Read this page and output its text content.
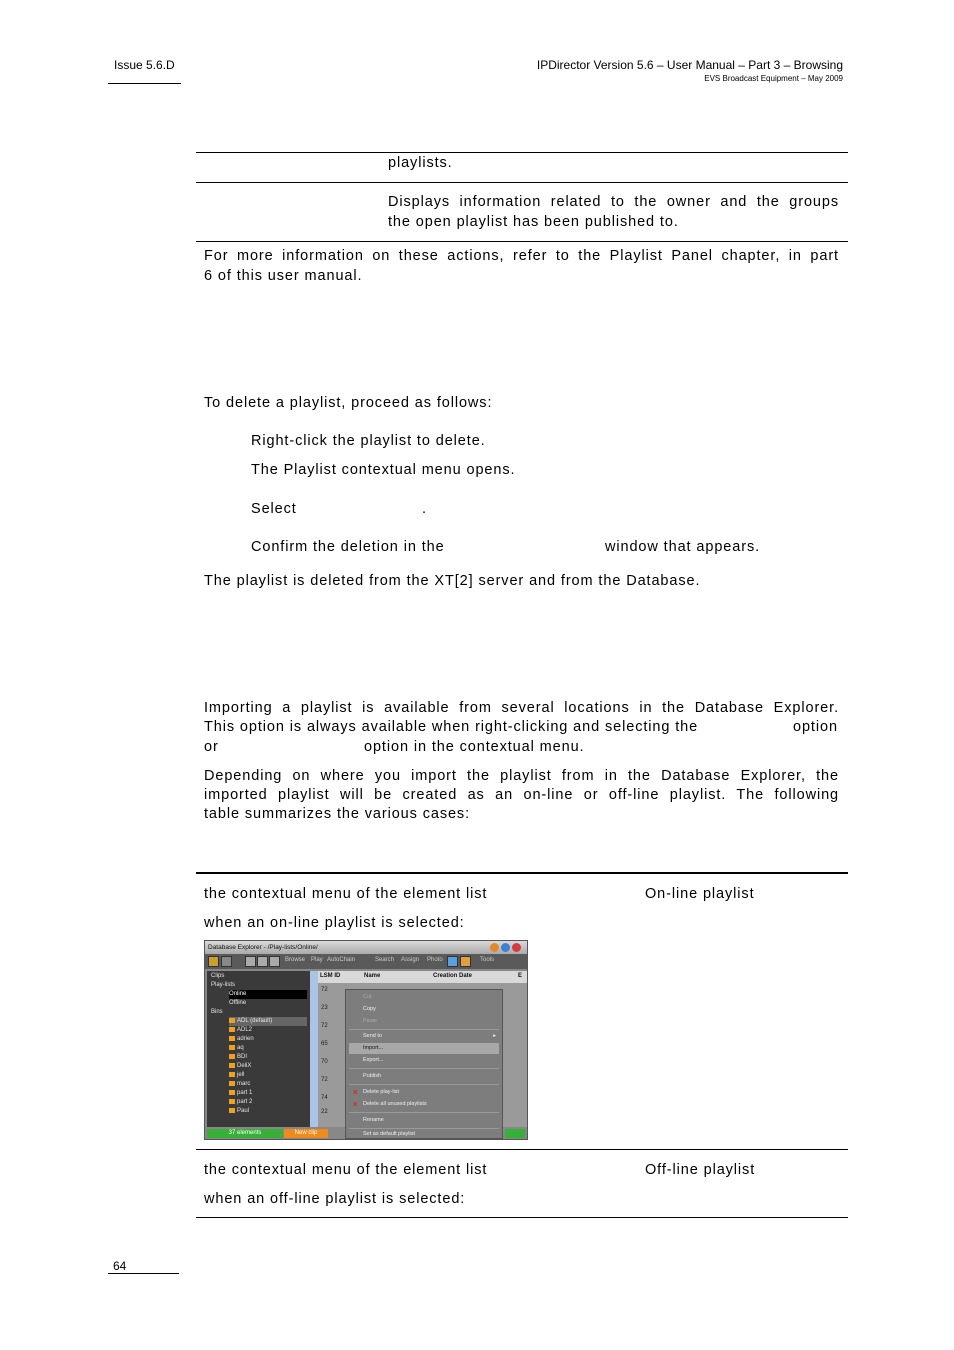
Issue 5.6.D	IPDirector Version 5.6 – User Manual – Part 3 – Browsing
EVS Broadcast Equipment – May 2009
playlists.
Displays information related to the owner and the groups
the open playlist has been published to.
For more information on these actions, refer to the Playlist Panel chapter, in part
6 of this user manual.
To delete a playlist, proceed as follows:
Right-click the playlist to delete.
The Playlist contextual menu opens.
Select	.
Confirm the deletion in the	window that appears.
The playlist is deleted from the XT[2] server and from the Database.
Importing a playlist is available from several locations in the Database Explorer.
This option is always available when right-clicking and selecting the	option
or	option in the contextual menu.
Depending on where you import the playlist from in the Database Explorer, the
imported playlist will be created as an on-line or off-line playlist. The following
table summarizes the various cases:
the contextual menu of the element list	On-line playlist
when an on-line playlist is selected:
Database Explorer - /Play-lists/Online/
Browse Play AutoChain	Search Assign Photo	Tools
Clips
Play-lists
Online
Offline
Bins
ADL (default)
ADL2
adrien
aq
BDI
DeliX
jell
marc
part 1
part 2
Paul
LSM ID	Name	Creation Date	E
72
23
72
65
70
72
74
22
Cut
Copy
Paste
Send to	▸
Import...
Export...
Publish
✕ Delete play-list
✕ Delete all unused playlists
Rename
Set as default playlist
37 elements	New clip
the contextual menu of the element list	Off-line playlist
when an off-line playlist is selected:
64
